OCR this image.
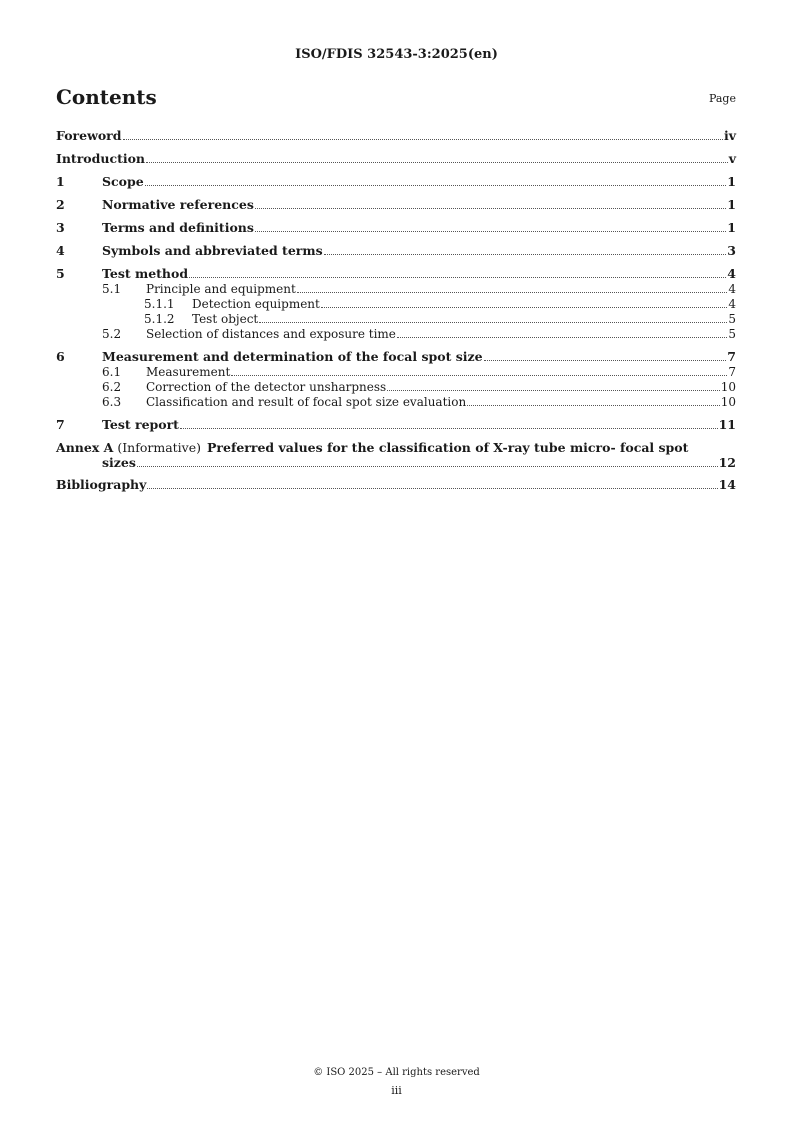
ISO/FDIS 32543-3:2025(en)
Contents	Page
Foreword	iv
Introduction	v
1	Scope	1
2	Normative references	1
3	Terms and definitions	1
4	Symbols and abbreviated terms	3
5	Test method	4
5.1	Principle and equipment	4
5.1.1	Detection equipment	4
5.1.2	Test object	5
5.2	Selection of distances and exposure time	5
6	Measurement and determination of the focal spot size	7
6.1	Measurement	7
6.2	Correction of the detector unsharpness	10
6.3	Classification and result of focal spot size evaluation	10
7	Test report	11
Annex A (Informative) Preferred values for the classification of X-ray tube micro- focal spot
sizes	12
Bibliography	14
© ISO 2025 – All rights reserved
iii
